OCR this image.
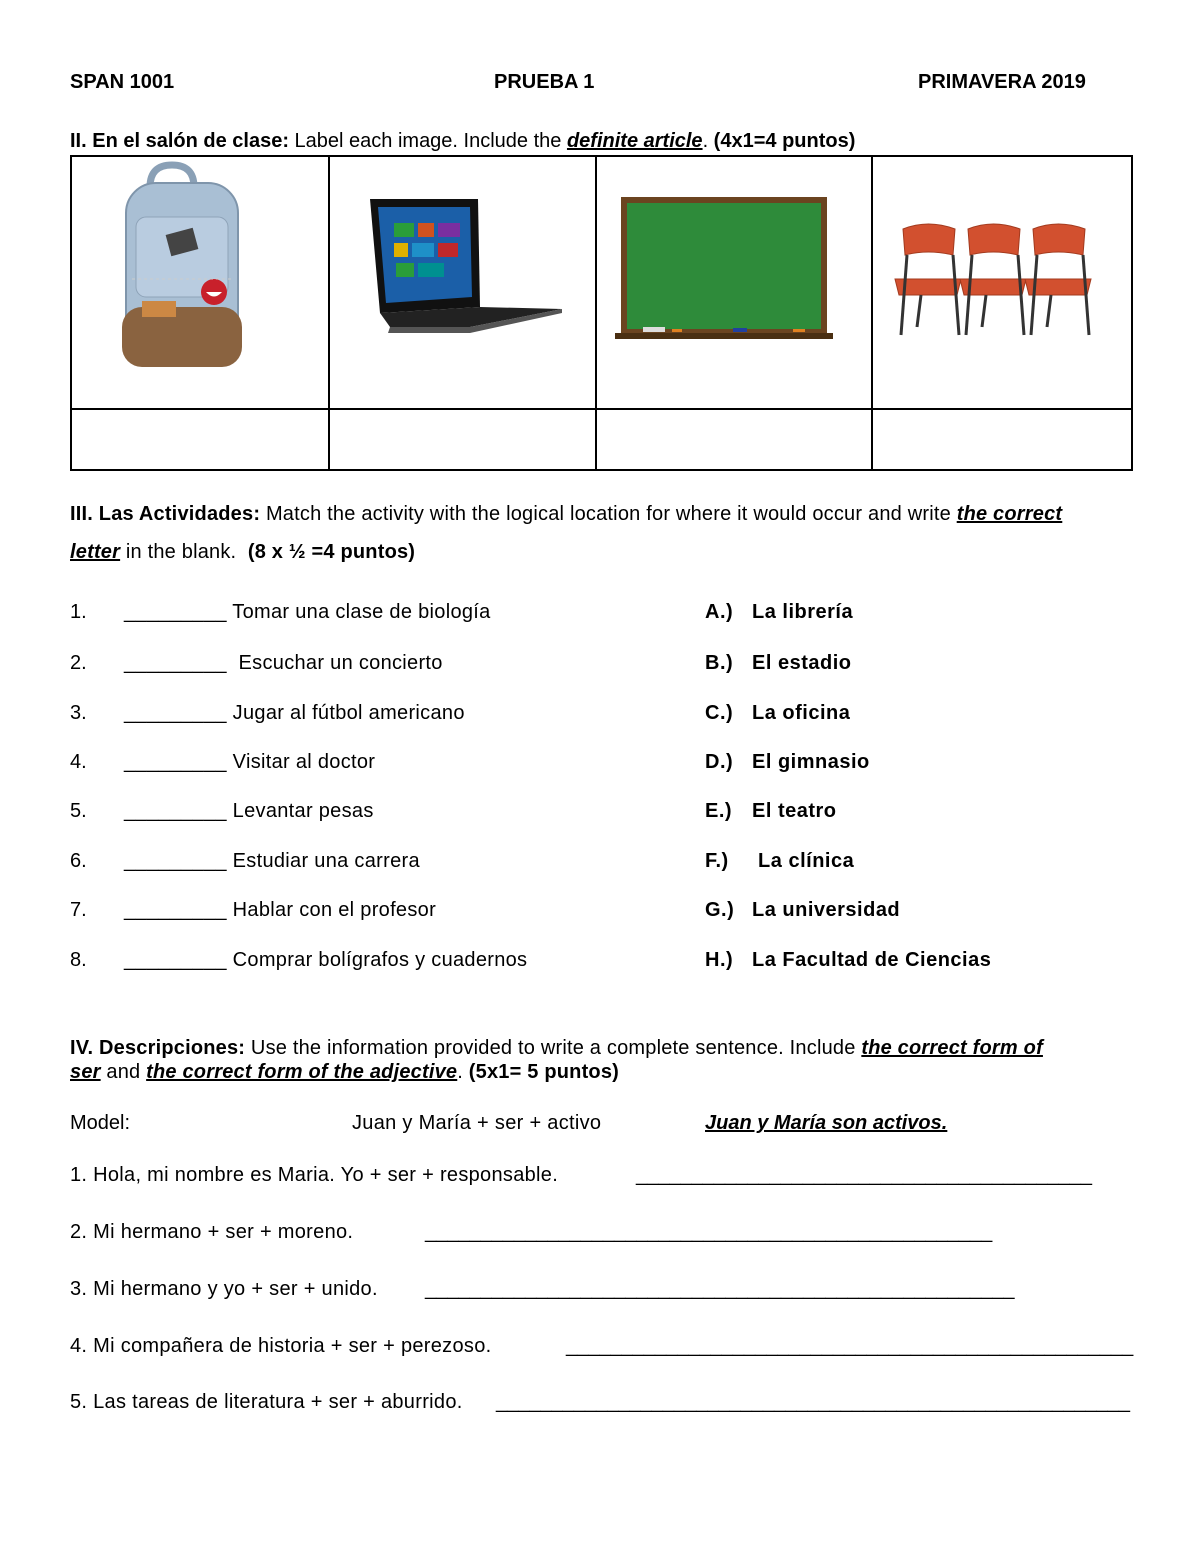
SPAN 1001	PRUEBA 1	PRIMAVERA 2019
II. En el salón de clase: Label each image. Include the definite article. (4x1=4 puntos)

III. Las Actividades: Match the activity with the logical location for where it would occur and write the correct
letter in the blank. (8 x ½ =4 puntos)
1. _________ Tomar una clase de biología	A.) La librería
2. _________  Escuchar un concierto	B.) El estadio
3. _________ Jugar al fútbol americano	C.) La oficina
4. _________ Visitar al doctor	D.) El gimnasio
5. _________ Levantar pesas	E.) El teatro
6. _________ Estudiar una carrera	F.) La clínica
7. _________ Hablar con el profesor	G.) La universidad
8. _________ Comprar bolígrafos y cuadernos	H.) La Facultad de Ciencias
IV. Descripciones: Use the information provided to write a complete sentence. Include the correct form of
ser and the correct form of the adjective. (5x1= 5 puntos)
Model:	Juan y María + ser + activo	Juan y María son activos.
1. Hola, mi nombre es Maria. Yo + ser + responsable.	_________________________________________
2. Mi hermano + ser + moreno.	___________________________________________________
3. Mi hermano y yo + ser + unido. _____________________________________________________
4. Mi compañera de historia + ser + perezoso.	___________________________________________________
5. Las tareas de literatura + ser + aburrido. _________________________________________________________
